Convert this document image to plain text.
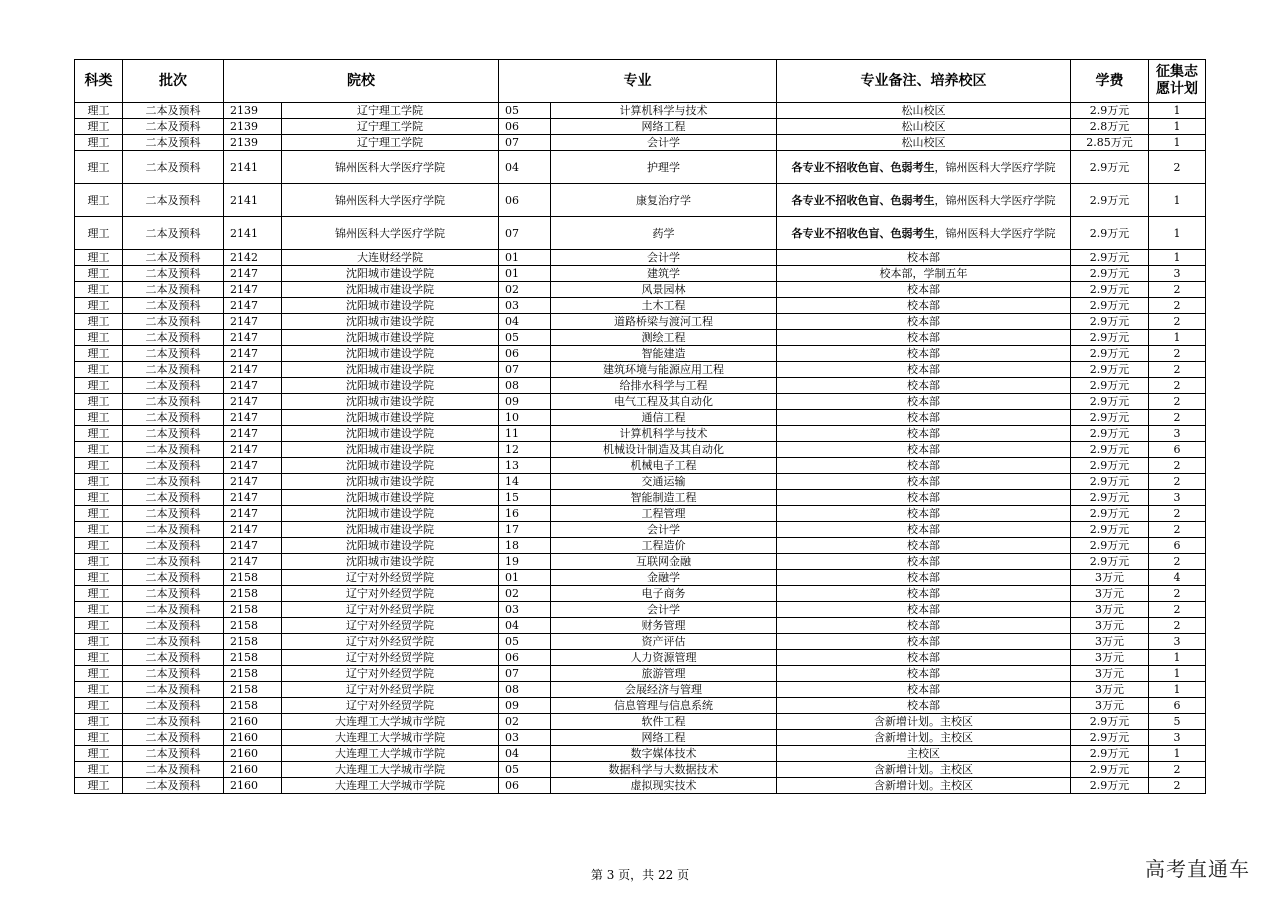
科类	批次	院校		专业		专业备注、培养校区	学费	征集志愿计划

理工	二本及预科	2139	辽宁理工学院	05	计算机科学与技术	松山校区	2.9万元	1
理工	二本及预科	2139	辽宁理工学院	06	网络工程	松山校区	2.8万元	1
理工	二本及预科	2139	辽宁理工学院	07	会计学	松山校区	2.85万元	1
理工	二本及预科	2141	锦州医科大学医疗学院	04	护理学	各专业不招收色盲、色弱考生，锦州医科大学医疗学院	2.9万元	2
理工	二本及预科	2141	锦州医科大学医疗学院	06	康复治疗学	各专业不招收色盲、色弱考生，锦州医科大学医疗学院	2.9万元	1
理工	二本及预科	2141	锦州医科大学医疗学院	07	药学	各专业不招收色盲、色弱考生，锦州医科大学医疗学院	2.9万元	1
理工	二本及预科	2142	大连财经学院	01	会计学	校本部	2.9万元	1
理工	二本及预科	2147	沈阳城市建设学院	01	建筑学	校本部，学制五年	2.9万元	3
理工	二本及预科	2147	沈阳城市建设学院	02	风景园林	校本部	2.9万元	2
理工	二本及预科	2147	沈阳城市建设学院	03	土木工程	校本部	2.9万元	2
理工	二本及预科	2147	沈阳城市建设学院	04	道路桥梁与渡河工程	校本部	2.9万元	2
理工	二本及预科	2147	沈阳城市建设学院	05	测绘工程	校本部	2.9万元	1
理工	二本及预科	2147	沈阳城市建设学院	06	智能建造	校本部	2.9万元	2
理工	二本及预科	2147	沈阳城市建设学院	07	建筑环境与能源应用工程	校本部	2.9万元	2
理工	二本及预科	2147	沈阳城市建设学院	08	给排水科学与工程	校本部	2.9万元	2
理工	二本及预科	2147	沈阳城市建设学院	09	电气工程及其自动化	校本部	2.9万元	2
理工	二本及预科	2147	沈阳城市建设学院	10	通信工程	校本部	2.9万元	2
理工	二本及预科	2147	沈阳城市建设学院	11	计算机科学与技术	校本部	2.9万元	3
理工	二本及预科	2147	沈阳城市建设学院	12	机械设计制造及其自动化	校本部	2.9万元	6
理工	二本及预科	2147	沈阳城市建设学院	13	机械电子工程	校本部	2.9万元	2
理工	二本及预科	2147	沈阳城市建设学院	14	交通运输	校本部	2.9万元	2
理工	二本及预科	2147	沈阳城市建设学院	15	智能制造工程	校本部	2.9万元	3
理工	二本及预科	2147	沈阳城市建设学院	16	工程管理	校本部	2.9万元	2
理工	二本及预科	2147	沈阳城市建设学院	17	会计学	校本部	2.9万元	2
理工	二本及预科	2147	沈阳城市建设学院	18	工程造价	校本部	2.9万元	6
理工	二本及预科	2147	沈阳城市建设学院	19	互联网金融	校本部	2.9万元	2
理工	二本及预科	2158	辽宁对外经贸学院	01	金融学	校本部	3万元	4
理工	二本及预科	2158	辽宁对外经贸学院	02	电子商务	校本部	3万元	2
理工	二本及预科	2158	辽宁对外经贸学院	03	会计学	校本部	3万元	2
理工	二本及预科	2158	辽宁对外经贸学院	04	财务管理	校本部	3万元	2
理工	二本及预科	2158	辽宁对外经贸学院	05	资产评估	校本部	3万元	3
理工	二本及预科	2158	辽宁对外经贸学院	06	人力资源管理	校本部	3万元	1
理工	二本及预科	2158	辽宁对外经贸学院	07	旅游管理	校本部	3万元	1
理工	二本及预科	2158	辽宁对外经贸学院	08	会展经济与管理	校本部	3万元	1
理工	二本及预科	2158	辽宁对外经贸学院	09	信息管理与信息系统	校本部	3万元	6
理工	二本及预科	2160	大连理工大学城市学院	02	软件工程	含新增计划。主校区	2.9万元	5
理工	二本及预科	2160	大连理工大学城市学院	03	网络工程	含新增计划。主校区	2.9万元	3
理工	二本及预科	2160	大连理工大学城市学院	04	数字媒体技术	主校区	2.9万元	1
理工	二本及预科	2160	大连理工大学城市学院	05	数据科学与大数据技术	含新增计划。主校区	2.9万元	2
理工	二本及预科	2160	大连理工大学城市学院	06	虚拟现实技术	含新增计划。主校区	2.9万元	2
第 3 页，共 22 页	高考直通车
